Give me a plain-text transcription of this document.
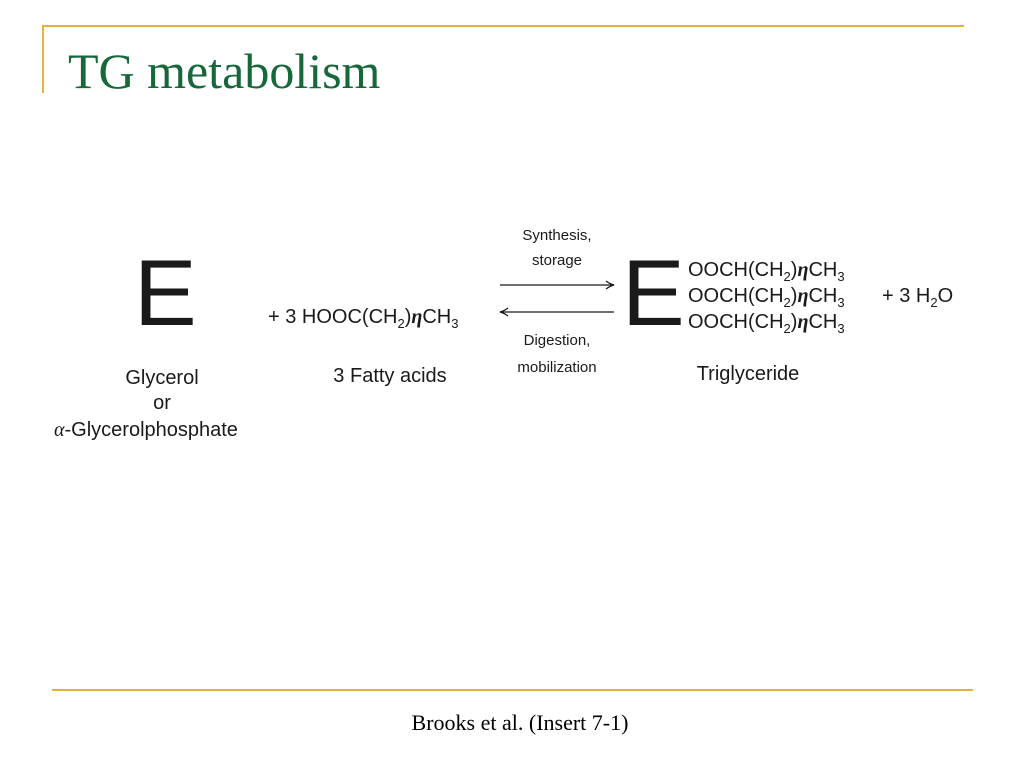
TG metabolism
E
Glycerol
or
α-Glycerolphosphate
+ 3 $HOOC(CH_2)\eta CH_3$
3 Fatty acids
Synthesis,
storage
Digestion,
mobilization
E $OOCH(CH_2)\eta CH_3$
$OOCH(CH_2)\eta CH_3$
$OOCH(CH_2)\eta CH_3$
+ 3 $H_2O$
Triglyceride
Brooks et al. (Insert 7-1)
